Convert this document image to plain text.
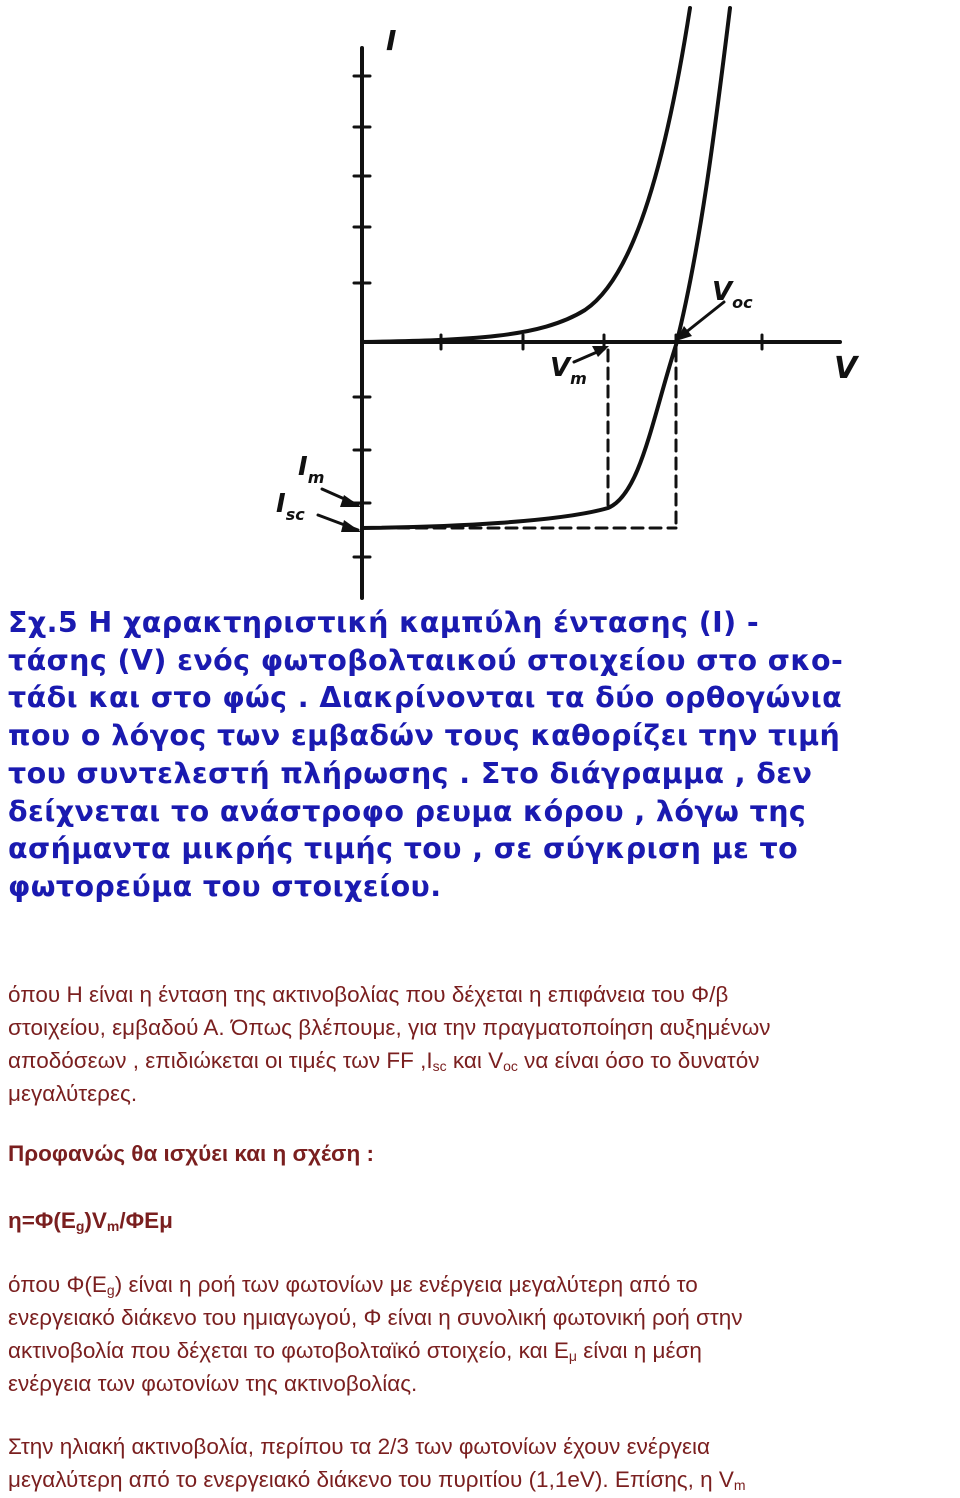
I
V
$V_{oc}$
$V_m$
$I_m$
$I_{sc}$
Σχ.5 Η χαρακτηριστική καμπύλη έντασης (Ι) -
τάσης (V) ενός φωτοβολταικού στοιχείου στο σκο-
τάδι και στο φώς . Διακρίνονται τα δύο ορθογώνια
που ο λόγος των εμβαδών τους καθορίζει την τιμή
του συντελεστή πλήρωσης . Στο διάγραμμα , δεν
δείχνεται το ανάστροφο ρευμα κόρου , λόγω της
ασήμαντα μικρής τιμής του , σε σύγκριση με το
φωτορεύμα του στοιχείου.
όπου Η είναι η ένταση της ακτινοβολίας που δέχεται η επιφάνεια του Φ/β
στοιχείου, εμβαδού Α. Όπως βλέπουμε, για την πραγματοποίηση αυξημένων
αποδόσεων , επιδιώκεται οι τιμές των FF $,I_{sc}$ και $V_{oc}$ να είναι όσο το δυνατόν
μεγαλύτερες.
Προφανώς θα ισχύει και η σχέση :
$\eta=\Phi(E_g)V_m$/ΦEμ
όπου $\Phi(E_g)$ είναι η ροή των φωτονίων με ενέργεια μεγαλύτερη από το
ενεργειακό διάκενο του ημιαγωγού, Φ είναι η συνολική φωτονική ροή στην
ακτινοβολία που δέχεται το φωτοβολταϊκό στοιχείο, και $E_\mu$ είναι η μέση
ενέργεια των φωτονίων της ακτινοβολίας.
Στην ηλιακή ακτινοβολία, περίπου τα 2/3 των φωτονίων έχουν ενέργεια
μεγαλύτερη από το ενεργειακό διάκενο του πυριτίου (1,1eV). Επίσης, η $V_m$
